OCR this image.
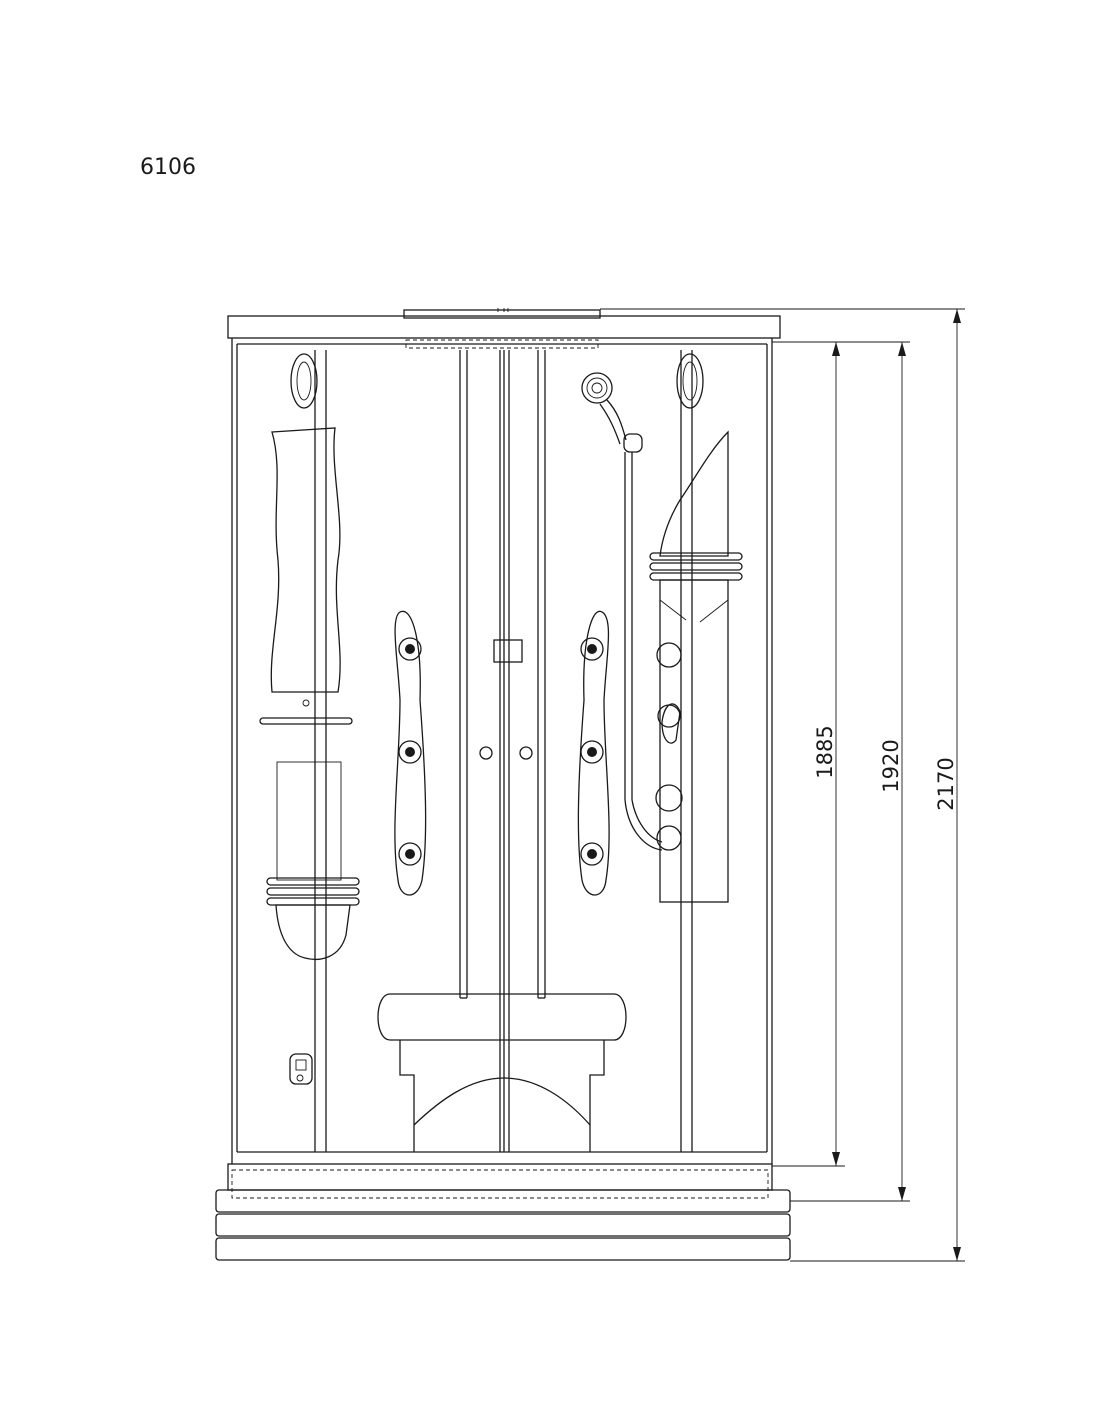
6106
1885 1920 2170
